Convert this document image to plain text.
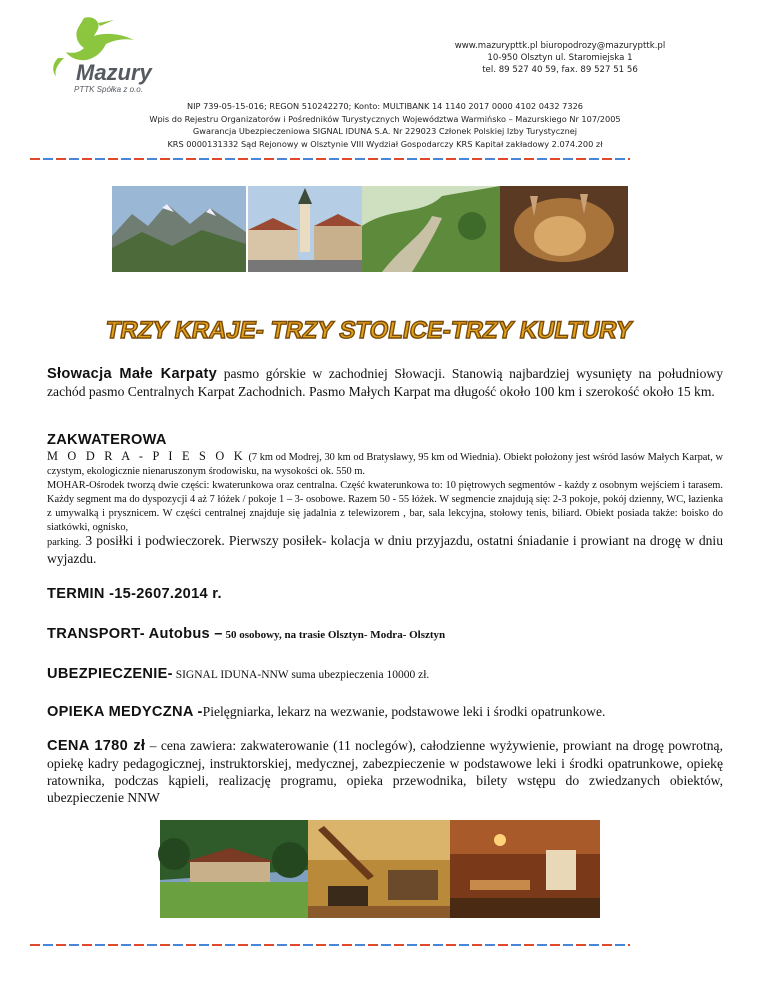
Mazury
PTTK Spółka z o.o.
www.mazurypttk.pl biuropodrozy@mazurypttk.pl
10-950 Olsztyn ul. Staromiejska 1
tel. 89 527 40 59, fax. 89 527 51 56
NIP 739-05-15-016; REGON 510242270; Konto: MULTIBANK 14 1140 2017 0000 4102 0432 7326
Wpis do Rejestru Organizatorów i Pośredników Turystycznych Województwa Warmińsko – Mazurskiego Nr 107/2005
Gwarancja Ubezpieczeniowa SIGNAL IDUNA S.A. Nr 229023 Członek Polskiej Izby Turystycznej
KRS 0000131332 Sąd Rejonowy w Olsztynie VIII Wydział Gospodarczy KRS Kapitał zakładowy 2.074.200 zł
TRZY KRAJE- TRZY STOLICE-TRZY KULTURY
Słowacja Małe Karpaty pasmo górskie w zachodniej Słowacji. Stanowią najbardziej wysunięty na południowy zachód pasmo Centralnych Karpat Zachodnich. Pasmo Małych Karpat ma długość około 100 km i szerokość około 15 km.
ZAKWATEROWA
M O D R A - P I E S O K (7 km od Modrej, 30 km od Bratysławy, 95 km od Wiednia). Obiekt położony jest wśród lasów Małych Karpat, w czystym, ekologicznie nienaruszonym środowisku, na wysokości ok. 550 m.
MOHAR-Ośrodek tworzą dwie części: kwaterunkowa oraz centralna. Część kwaterunkowa to: 10 piętrowych segmentów - każdy z osobnym wejściem i tarasem. Każdy segment ma do dyspozycji 4 aż 7 łóżek / pokoje 1 – 3- osobowe. Razem 50 - 55 łóżek. W segmencie znajdują się: 2-3 pokoje, pokój dzienny, WC, łazienka z umywalką i prysznicem. W części centralnej znajduje się jadalnia z telewizorem , bar, sala lekcyjna, stołowy tenis, biliard. Obiekt posiada także: boisko do siatkówki, ognisko,
parking. 3 posiłki i podwieczorek. Pierwszy posiłek- kolacja w dniu przyjazdu, ostatni śniadanie i prowiant na drogę w dniu wyjazdu.
TERMIN -15-2607.2014 r.
TRANSPORT- Autobus – 50 osobowy, na trasie Olsztyn- Modra- Olsztyn
UBEZPIECZENIE- SIGNAL IDUNA-NNW suma ubezpieczenia 10000 zł.
OPIEKA MEDYCZNA -Pielęgniarka, lekarz na wezwanie, podstawowe leki i środki opatrunkowe.
CENA 1780 zł – cena zawiera: zakwaterowanie (11 noclegów), całodzienne wyżywienie, prowiant na drogę powrotną, opiekę kadry pedagogicznej, instruktorskiej, medycznej, zabezpieczenie w podstawowe leki i środki opatrunkowe, opiekę ratownika, podczas kąpieli, realizację programu, opieka przewodnika, bilety wstępu do zwiedzanych obiektów, ubezpieczenie NNW
